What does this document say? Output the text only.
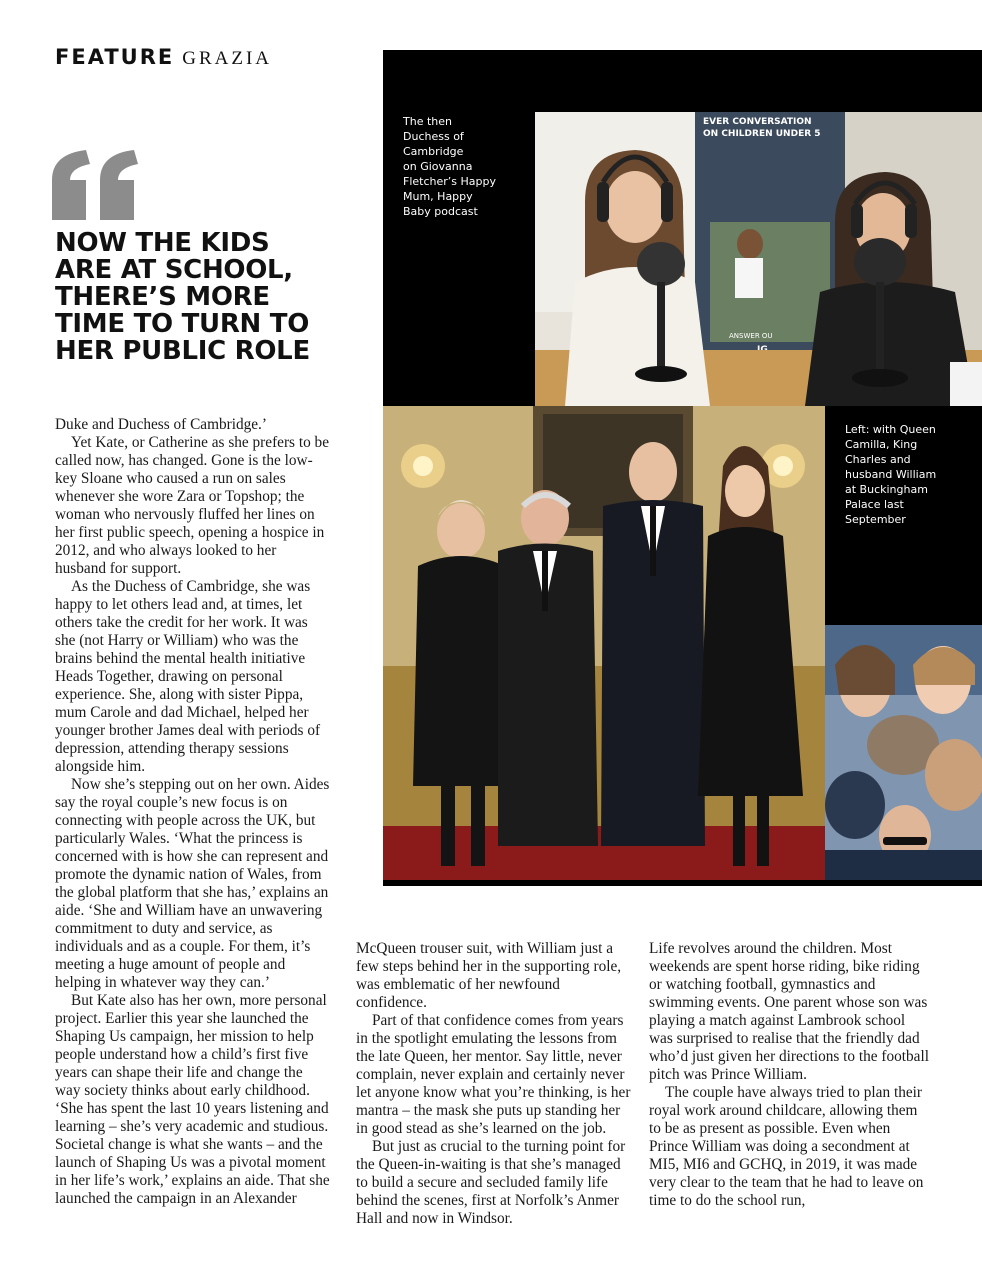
FEATURE GRAZIA
NOW THE KIDS
ARE AT SCHOOL,
THERE’S MORE
TIME TO TURN TO
HER PUBLIC ROLE

Duke and Duchess of Cambridge.’

Yet Kate, or Catherine as she prefers to be called now, has changed. Gone is the low-key Sloane who caused a run on sales whenever she wore Zara or Topshop; the woman who nervously fluffed her lines on her first public speech, opening a hospice in 2012, and who always looked to her husband for support.

As the Duchess of Cambridge, she was happy to let others lead and, at times, let others take the credit for her work. It was she (not Harry or William) who was the brains behind the mental health initiative Heads Together, drawing on personal experience. She, along with sister Pippa, mum Carole and dad Michael, helped her younger brother James deal with periods of depression, attending therapy sessions alongside him.

Now she’s stepping out on her own. Aides say the royal couple’s new focus is on connecting with people across the UK, but particularly Wales. ‘What the princess is concerned with is how she can represent and promote the dynamic nation of Wales, from the global platform that she has,’ explains an aide. ‘She and William have an unwavering commitment to duty and service, as individuals and as a couple. For them, it’s meeting a huge amount of people and helping in whatever way they can.’

But Kate also has her own, more personal project. Earlier this year she launched the Shaping Us campaign, her mission to help people understand how a child’s first five years can shape their life and change the way society thinks about early childhood. ‘She has spent the last 10 years listening and learning – she’s very academic and studious. Societal change is what she wants – and the launch of Shaping Us was a pivotal moment in her life’s work,’ explains an aide. That she launched the campaign in an Alexander

McQueen trouser suit, with William just a few steps behind her in the supporting role, was emblematic of her newfound confidence.

Part of that confidence comes from years in the spotlight emulating the lessons from the late Queen, her mentor. Say little, never complain, never explain and certainly never let anyone know what you’re thinking, is her mantra – the mask she puts up standing her in good stead as she’s learned on the job.

But just as crucial to the turning point for the Queen-in-waiting is that she’s managed to build a secure and secluded family life behind the scenes, first at Norfolk’s Anmer Hall and now in Windsor.

Life revolves around the children. Most weekends are spent horse riding, bike riding or watching football, gymnastics and swimming events. One parent whose son was playing a match against Lambrook school was surprised to realise that the friendly dad who’d just given her directions to the football pitch was Prince William.

The couple have always tried to plan their royal work around childcare, allowing them to be as present as possible. Even when Prince William was doing a secondment at MI5, MI6 and GCHQ, in 2019, it was made very clear to the team that he had to leave on time to do the school run,

The then
Duchess of
Cambridge
on Giovanna
Fletcher’s Happy
Mum, Happy
Baby podcast
Left: with Queen
Camilla, King
Charles and
husband William
at Buckingham
Palace last
September
EVER CONVERSATION
ON CHILDREN UNDER 5
ANSWER OU
